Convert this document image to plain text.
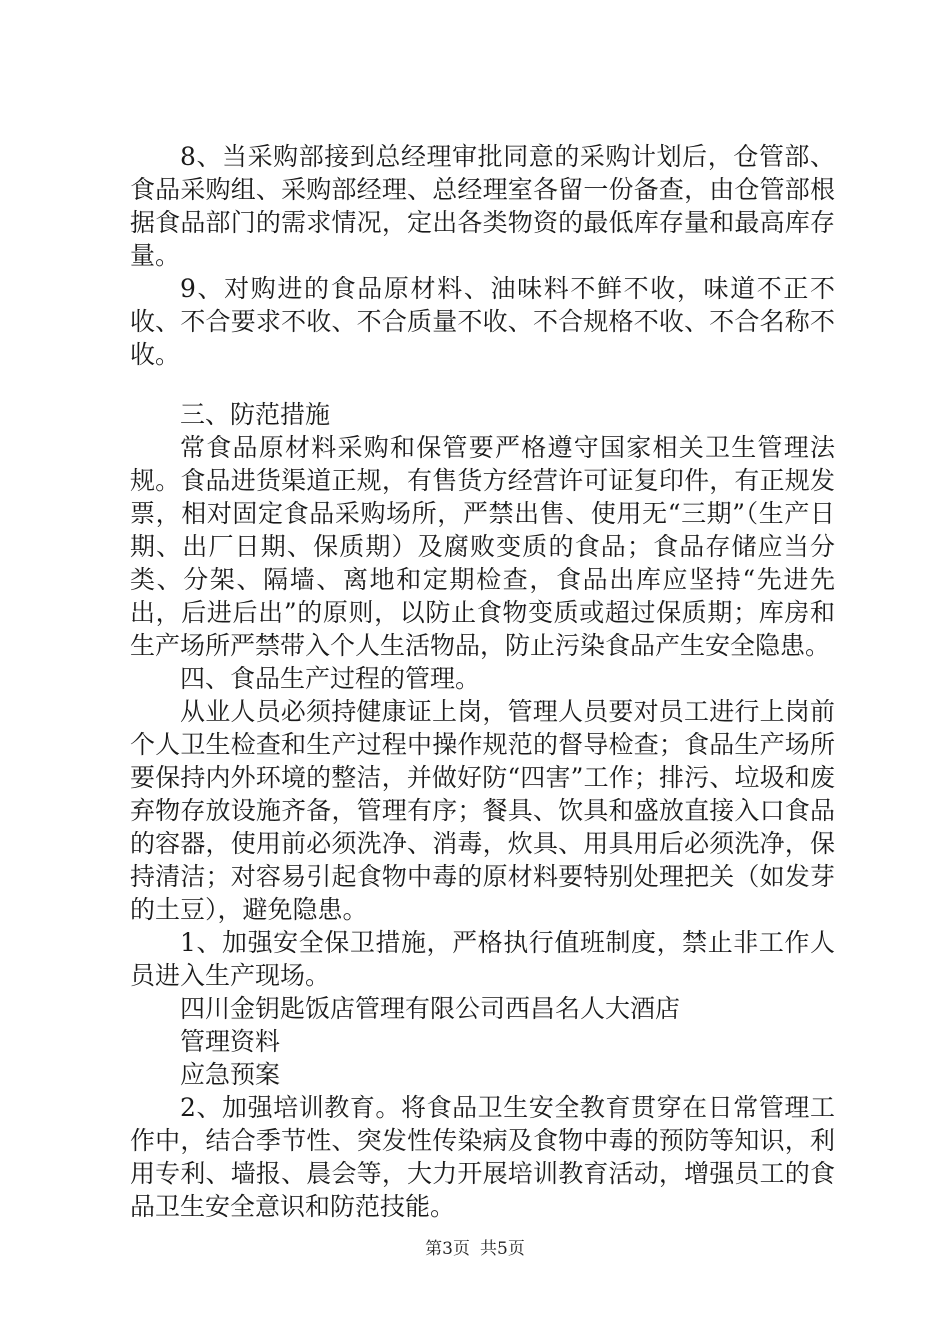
8、当采购部接到总经理审批同意的采购计划后，仓管部、食品采购组、采购部经理、总经理室各留一份备查，由仓管部根据食品部门的需求情况，定出各类物资的最低库存量和最高库存量。

9、对购进的食品原材料、油味料不鲜不收，味道不正不收、不合要求不收、不合质量不收、不合规格不收、不合名称不收。

三、防范措施

常食品原材料采购和保管要严格遵守国家相关卫生管理法规。食品进货渠道正规，有售货方经营许可证复印件，有正规发票，相对固定食品采购场所，严禁出售、使用无“三期”（生产日期、出厂日期、保质期）及腐败变质的食品；食品存储应当分类、分架、隔墙、离地和定期检查，食品出库应坚持“先进先出，后进后出”的原则，以防止食物变质或超过保质期；库房和生产场所严禁带入个人生活物品，防止污染食品产生安全隐患。

四、食品生产过程的管理。

从业人员必须持健康证上岗，管理人员要对员工进行上岗前个人卫生检查和生产过程中操作规范的督导检查；食品生产场所要保持内外环境的整洁，并做好防“四害”工作；排污、垃圾和废弃物存放设施齐备，管理有序；餐具、饮具和盛放直接入口食品的容器，使用前必须洗净、消毒，炊具、用具用后必须洗净，保持清洁；对容易引起食物中毒的原材料要特别处理把关（如发芽的土豆），避免隐患。

1、加强安全保卫措施，严格执行值班制度，禁止非工作人员进入生产现场。

四川金钥匙饭店管理有限公司西昌名人大酒店

管理资料

应急预案

2、加强培训教育。将食品卫生安全教育贯穿在日常管理工作中，结合季节性、突发性传染病及食物中毒的预防等知识，利用专利、墙报、晨会等，大力开展培训教育活动，增强员工的食品卫生安全意识和防范技能。

第3页 共5页
